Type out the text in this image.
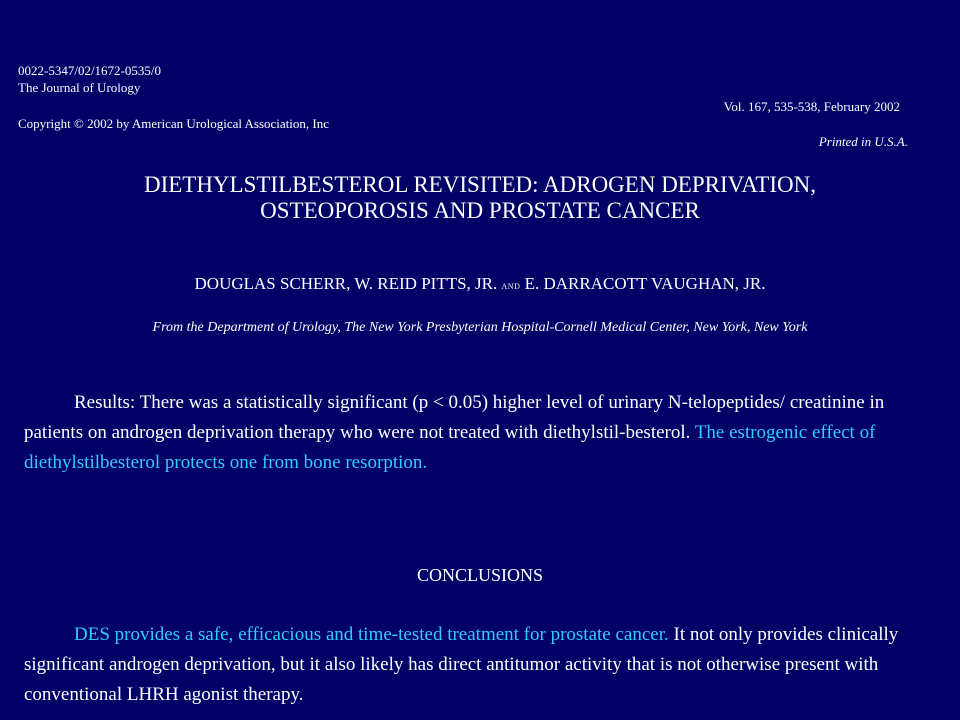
0022-5347/02/1672-0535/0
The Journal of Urology
Vol. 167, 535-538, February 2002
Copyright © 2002 by American Urological Association, Inc
Printed in U.S.A.
DIETHYLSTILBESTEROL REVISITED: ADROGEN DEPRIVATION,
OSTEOPOROSIS AND PROSTATE CANCER
DOUGLAS SCHERR, W. REID PITTS, JR. AND E. DARRACOTT VAUGHAN, JR.
From the Department of Urology, The New York Presbyterian Hospital-Cornell Medical Center, New York, New York
Results: There was a statistically significant (p < 0.05) higher level of urinary N-telopeptides/ creatinine in patients on androgen deprivation therapy who were not treated with diethylstil-besterol. The estrogenic effect of diethylstilbesterol protects one from bone resorption.
CONCLUSIONS
DES provides a safe, efficacious and time-tested treatment for prostate cancer. It not only provides clinically significant androgen deprivation, but it also likely has direct antitumor activity that is not otherwise present with conventional LHRH agonist therapy.
